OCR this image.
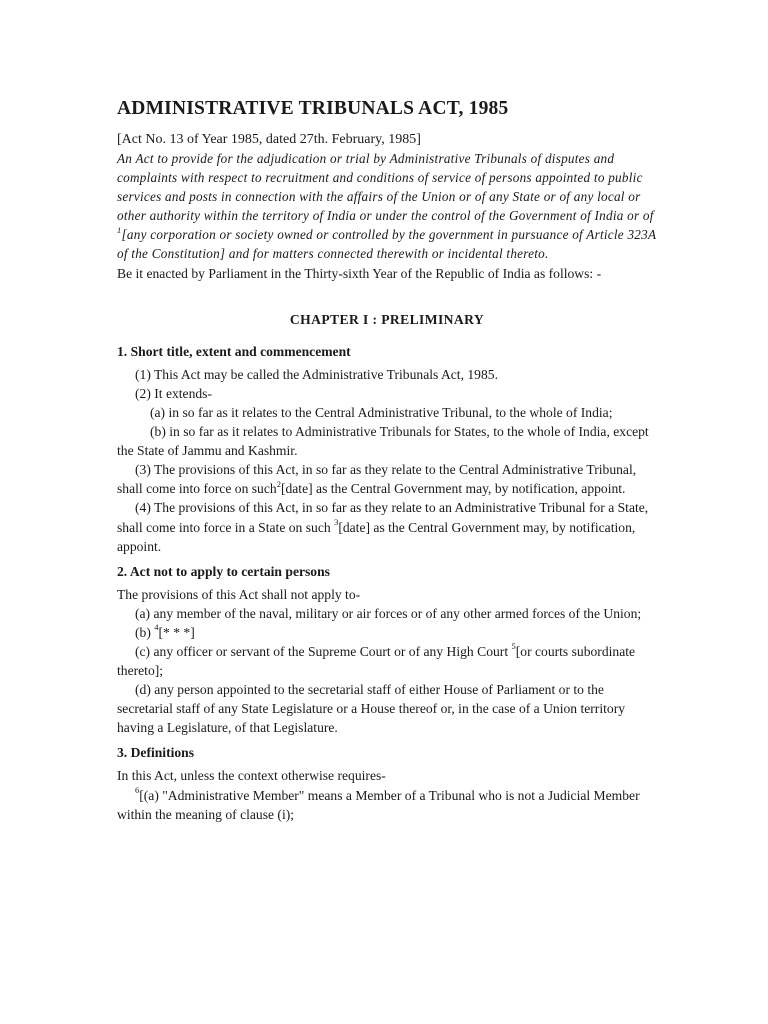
ADMINISTRATIVE TRIBUNALS ACT, 1985

[Act No. 13 of Year 1985, dated 27th. February, 1985]

An Act to provide for the adjudication or trial by Administrative Tribunals of disputes and complaints with respect to recruitment and conditions of service of persons appointed to public services and posts in connection with the affairs of the Union or of any State or of any local or other authority within the territory of India or under the control of the Government of India or of $^1$[any corporation or society owned or controlled by the government in pursuance of Article 323A of the Constitution] and for matters connected therewith or incidental thereto.

Be it enacted by Parliament in the Thirty-sixth Year of the Republic of India as follows: -

CHAPTER I : PRELIMINARY
1. Short title, extent and commencement

(1) This Act may be called the Administrative Tribunals Act, 1985.

(2) It extends-

(a) in so far as it relates to the Central Administrative Tribunal, to the whole of India;

(b) in so far as it relates to Administrative Tribunals for States, to the whole of India, except the State of Jammu and Kashmir.

(3) The provisions of this Act, in so far as they relate to the Central Administrative Tribunal, shall come into force on such$^2$[date] as the Central Government may, by notification, appoint.

(4) The provisions of this Act, in so far as they relate to an Administrative Tribunal for a State, shall come into force in a State on such $^3$[date] as the Central Government may, by notification, appoint.

2. Act not to apply to certain persons

The provisions of this Act shall not apply to-

(a) any member of the naval, military or air forces or of any other armed forces of the Union;

(b) $^4$[* * *]

(c) any officer or servant of the Supreme Court or of any High Court $^5$[or courts subordinate thereto];

(d) any person appointed to the secretarial staff of either House of Parliament or to the secretarial staff of any State Legislature or a House thereof or, in the case of a Union territory having a Legislature, of that Legislature.

3. Definitions

In this Act, unless the context otherwise requires-

$^6$[(a) "Administrative Member" means a Member of a Tribunal who is not a Judicial Member within the meaning of clause (i);
